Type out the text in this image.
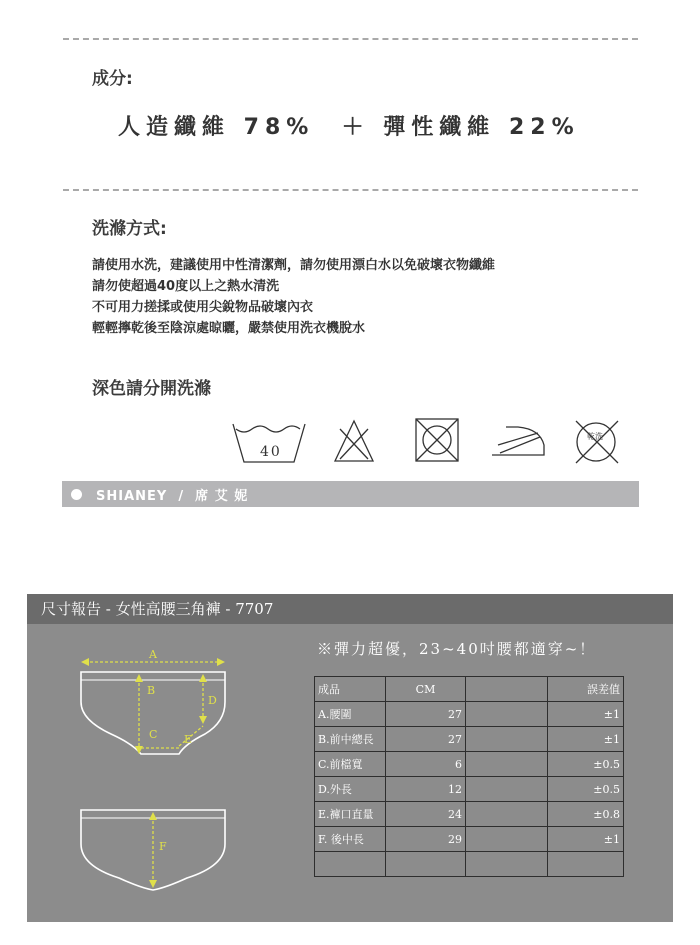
成分:
人造纖維 78%  ＋ 彈性纖維 22%
洗滌方式:
請使用水洗，建議使用中性清潔劑，請勿使用漂白水以免破壞衣物纖維
請勿使超過40度以上之熱水清洗
不可用力搓揉或使用尖銳物品破壞內衣
輕輕擰乾後至陰涼處晾曬，嚴禁使用洗衣機脫水
深色請分開洗滌
40
乾洗
SHIANEY  /  席 艾 妮
尺寸報告 - 女性高腰三角褲 - 7707
※彈力超優，23~40吋腰都適穿~！
A
B
C
D
E
F
成品	CM		誤差值
A.腰圍	27		±1
B.前中總長	27		±1
C.前檔寬	6		±0.5
D.外長	12		±0.5
E.褲口直量	24		±0.8
F. 後中長	29		±1
